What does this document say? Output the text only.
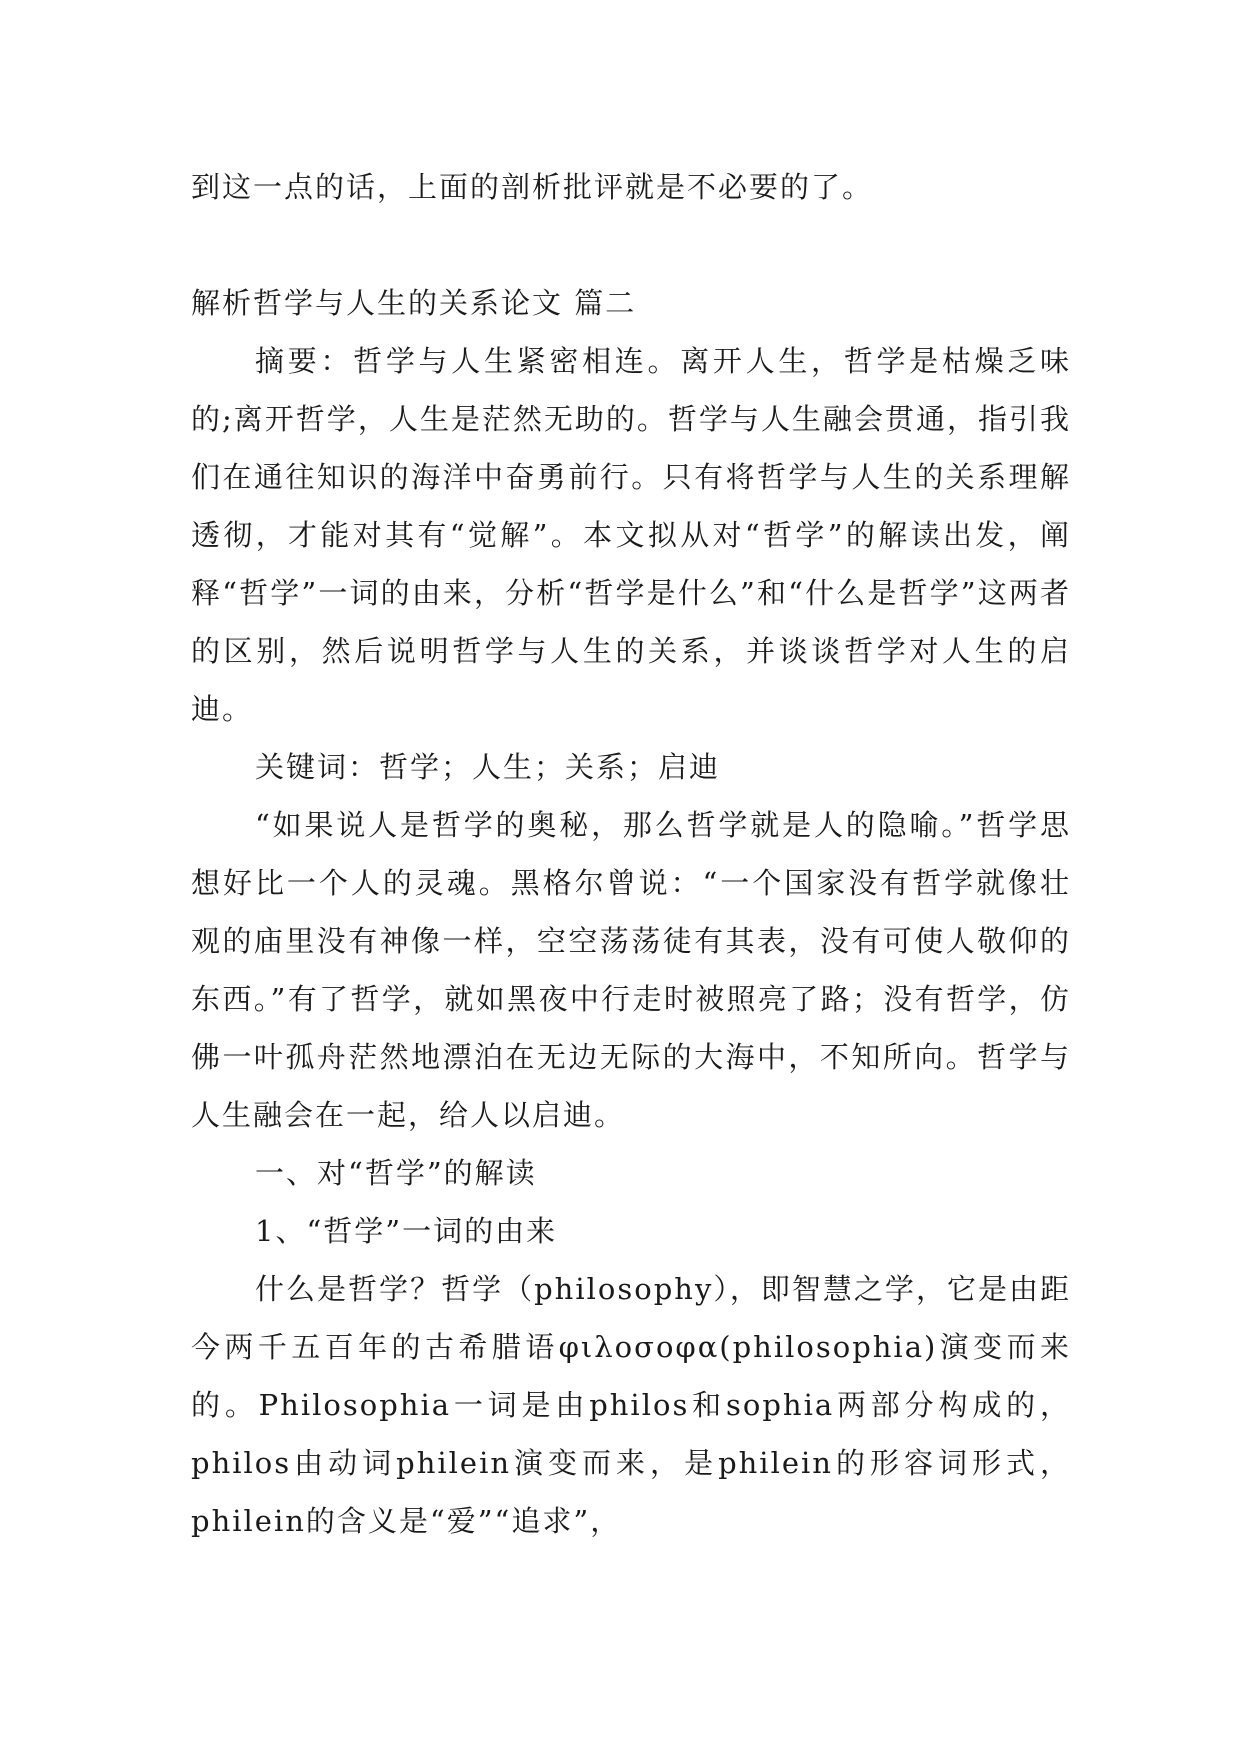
到这一点的话，上面的剖析批评就是不必要的了。

解析哲学与人生的关系论文 篇二

摘要：哲学与人生紧密相连。离开人生，哲学是枯燥乏味的;离开哲学，人生是茫然无助的。哲学与人生融会贯通，指引我们在通往知识的海洋中奋勇前行。只有将哲学与人生的关系理解透彻，才能对其有“觉解”。本文拟从对“哲学”的解读出发，阐释“哲学”一词的由来，分析“哲学是什么”和“什么是哲学”这两者的区别，然后说明哲学与人生的关系，并谈谈哲学对人生的启迪。

关键词：哲学；人生；关系；启迪

“如果说人是哲学的奥秘，那么哲学就是人的隐喻。”哲学思想好比一个人的灵魂。黑格尔曾说：“一个国家没有哲学就像壮观的庙里没有神像一样，空空荡荡徒有其表，没有可使人敬仰的东西。”有了哲学，就如黑夜中行走时被照亮了路；没有哲学，仿佛一叶孤舟茫然地漂泊在无边无际的大海中，不知所向。哲学与人生融会在一起，给人以启迪。

一、对“哲学”的解读

1、“哲学”一词的由来

什么是哲学？哲学（philosophy），即智慧之学，它是由距今两千五百年的古希腊语φιλοσοφα(philosophia)演变而来的。Philosophia一词是由philos和sophia两部分构成的，philos由动词philein演变而来，是philein的形容词形式，philein的含义是“爱”“追求”，
